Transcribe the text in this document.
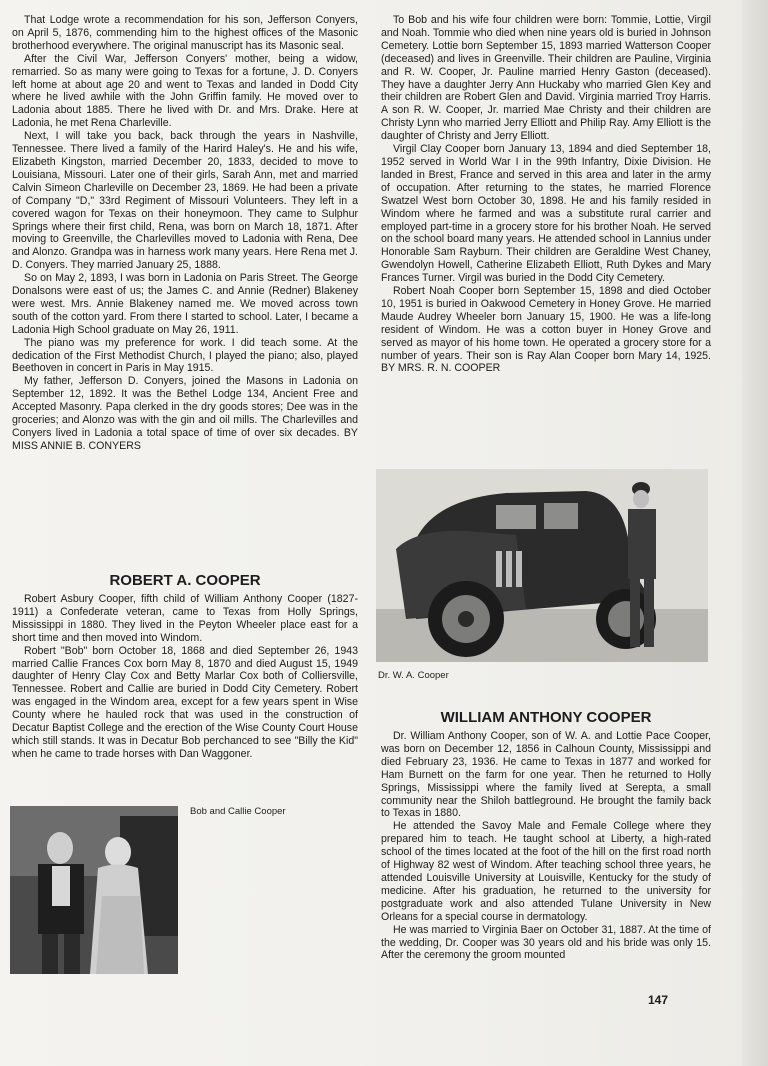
That Lodge wrote a recommendation for his son, Jefferson Conyers, on April 5, 1876, commending him to the highest offices of the Masonic brotherhood everywhere. The original manuscript has its Masonic seal.

After the Civil War, Jefferson Conyers' mother, being a widow, remarried. So as many were going to Texas for a fortune, J. D. Conyers left home at about age 20 and went to Texas and landed in Dodd City where he lived awhile with the John Griffin family. He moved over to Ladonia about 1885. There he lived with Dr. and Mrs. Drake. Here at Ladonia, he met Rena Charleville.

Next, I will take you back, back through the years in Nashville, Tennessee. There lived a family of the Harird Haley's. He and his wife, Elizabeth Kingston, married December 20, 1833, decided to move to Louisiana, Missouri. Later one of their girls, Sarah Ann, met and married Calvin Simeon Charleville on December 23, 1869. He had been a private of Company "D," 33rd Regiment of Missouri Volunteers. They left in a covered wagon for Texas on their honeymoon. They came to Sulphur Springs where their first child, Rena, was born on March 18, 1871. After moving to Greenville, the Charlevilles moved to Ladonia with Rena, Dee and Alonzo. Grandpa was in harness work many years. Here Rena met J. D. Conyers. They married January 25, 1888.

So on May 2, 1893, I was born in Ladonia on Paris Street. The George Donalsons were east of us; the James C. and Annie (Redner) Blakeney were west. Mrs. Annie Blakeney named me. We moved across town south of the cotton yard. From there I started to school. Later, I became a Ladonia High School graduate on May 26, 1911.

The piano was my preference for work. I did teach some. At the dedication of the First Methodist Church, I played the piano; also, played Beethoven in concert in Paris in May 1915.

My father, Jefferson D. Conyers, joined the Masons in Ladonia on September 12, 1892. It was the Bethel Lodge 134, Ancient Free and Accepted Masonry. Papa clerked in the dry goods stores; Dee was in the groceries; and Alonzo was with the gin and oil mills. The Charlevilles and Conyers lived in Ladonia a total space of time of over six decades. BY MISS ANNIE B. CONYERS

ROBERT A. COOPER

Robert Asbury Cooper, fifth child of William Anthony Cooper (1827-1911) a Confederate veteran, came to Texas from Holly Springs, Mississippi in 1880. They lived in the Peyton Wheeler place east for a short time and then moved into Windom.

Robert "Bob" born October 18, 1868 and died September 26, 1943 married Callie Frances Cox born May 8, 1870 and died August 15, 1949 daughter of Henry Clay Cox and Betty Marlar Cox both of Colliersville, Tennessee. Robert and Callie are buried in Dodd City Cemetery. Robert was engaged in the Windom area, except for a few years spent in Wise County where he hauled rock that was used in the construction of Decatur Baptist College and the erection of the Wise County Court House which still stands. It was in Decatur Bob perchanced to see "Billy the Kid" when he came to trade horses with Dan Waggoner.

Bob and Callie Cooper

To Bob and his wife four children were born: Tommie, Lottie, Virgil and Noah. Tommie who died when nine years old is buried in Johnson Cemetery. Lottie born September 15, 1893 married Watterson Cooper (deceased) and lives in Greenville. Their children are Pauline, Virginia and R. W. Cooper, Jr. Pauline married Henry Gaston (deceased). They have a daughter Jerry Ann Huckaby who married Glen Key and their children are Robert Glen and David. Virginia married Troy Harris. A son R. W. Cooper, Jr. married Mae Christy and their children are Christy Lynn who married Jerry Elliott and Philip Ray. Amy Elliott is the daughter of Christy and Jerry Elliott.

Virgil Clay Cooper born January 13, 1894 and died September 18, 1952 served in World War I in the 99th Infantry, Dixie Division. He landed in Brest, France and served in this area and later in the army of occupation. After returning to the states, he married Florence Swatzel West born October 30, 1898. He and his family resided in Windom where he farmed and was a substitute rural carrier and employed part-time in a grocery store for his brother Noah. He served on the school board many years. He attended school in Lannius under Honorable Sam Rayburn. Their children are Geraldine West Chaney, Gwendolyn Howell, Catherine Elizabeth Elliott, Ruth Dykes and Mary Frances Turner. Virgil was buried in the Dodd City Cemetery.

Robert Noah Cooper born September 15, 1898 and died October 10, 1951 is buried in Oakwood Cemetery in Honey Grove. He married Maude Audrey Wheeler born January 15, 1900. He was a life-long resident of Windom. He was a cotton buyer in Honey Grove and served as mayor of his home town. He operated a grocery store for a number of years. Their son is Ray Alan Cooper born Mary 14, 1925. BY MRS. R. N. COOPER

Dr. W. A. Cooper
WILLIAM ANTHONY COOPER

Dr. William Anthony Cooper, son of W. A. and Lottie Pace Cooper, was born on December 12, 1856 in Calhoun County, Mississippi and died February 23, 1936. He came to Texas in 1877 and worked for Ham Burnett on the farm for one year. Then he returned to Holly Springs, Mississippi where the family lived at Serepta, a small community near the Shiloh battleground. He brought the family back to Texas in 1880.

He attended the Savoy Male and Female College where they prepared him to teach. He taught school at Liberty, a high-rated school of the times located at the foot of the hill on the first road north of Highway 82 west of Windom. After teaching school three years, he attended Louisville University at Louisville, Kentucky for the study of medicine. After his graduation, he returned to the university for postgraduate work and also attended Tulane University in New Orleans for a special course in dermatology.

He was married to Virginia Baer on October 31, 1887. At the time of the wedding, Dr. Cooper was 30 years old and his bride was only 15. After the ceremony the groom mounted

147
